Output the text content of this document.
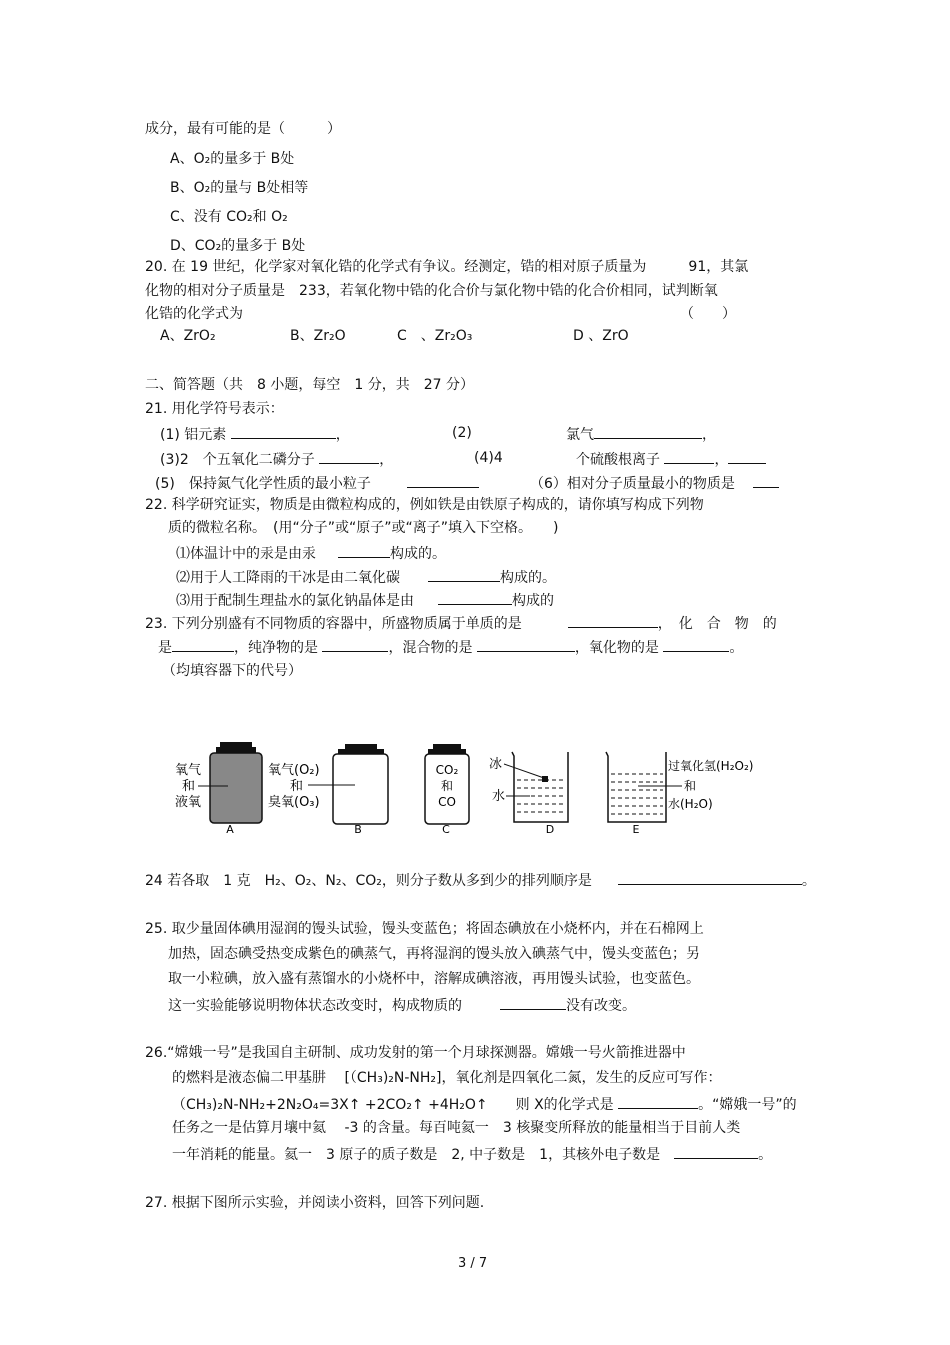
成分，最有可能的是（　　　）
A、O₂的量多于 B处
B、O₂的量与 B处相等
C、没有 CO₂和 O₂
D、CO₂的量多于 B处
20. 在 19 世纪，化学家对氧化锆的化学式有争议。经测定，锆的相对原子质量为　　　91，其氯
化物的相对分子质量是　233，若氧化物中锆的化合价与氯化物中锆的化合价相同，试判断氧
化锆的化学式为	（　　）
A、ZrO₂	B、Zr₂O	C　、Zr₂O₃	D 、ZrO
二、简答题（共　8 小题，每空　1 分，共　27 分）
21. 用化学符号表示：
(1) 铝元素	，	(2)	氯气	，
(3)2　个五氧化二磷分子	，	(4)4	个硫酸根离子	，
(5)　保持氮气化学性质的最小粒子	（6）相对分子质量最小的物质是
22. 科学研究证实，物质是由微粒构成的，例如铁是由铁原子构成的，请你填写构成下列物
质的微粒名称。　(用“分子”或“原子”或“离子”填入下空格。　　)
⑴体温计中的汞是由汞	构成的。
⑵用于人工降雨的干冰是由二氧化碳	构成的。
⑶用于配制生理盐水的氯化钠晶体是由	构成的
23. 下列分别盛有不同物质的容器中，所盛物质属于单质的是	，　化　合　物　的
是	，纯净物的是	，混合物的是	，氧化物的是	。
（均填容器下的代号）
氧气
和
液氧
A
氧气(O₂)
和
臭氧(O₃)
B
CO₂
和
CO
C
冰
水
D
过氧化氢(H₂O₂)
和
水(H₂O)
E
24 若各取　1 克　H₂、O₂、N₂、CO₂，则分子数从多到少的排列顺序是	。
25. 取少量固体碘用湿润的馒头试验，馒头变蓝色；将固态碘放在小烧杯内，并在石棉网上
加热，固态碘受热变成紫色的碘蒸气，再将湿润的馒头放入碘蒸气中，馒头变蓝色；另
取一小粒碘，放入盛有蒸馏水的小烧杯中，溶解成碘溶液，再用馒头试验，也变蓝色。
这一实验能够说明物体状态改变时，构成物质的	没有改变。
26.“嫦娥一号”是我国自主研制、成功发射的第一个月球探测器。嫦娥一号火箭推进器中
的燃料是液态偏二甲基肼　 [（CH₃)₂N-NH₂]，氧化剂是四氧化二氮，发生的反应可写作：
（CH₃)₂N-NH₂+2N₂O₄=3X↑ +2CO₂↑ +4H₂O↑　　则 X的化学式是	。“嫦娥一号”的
任务之一是估算月壤中氦　 -3 的含量。每百吨氦一　3 核聚变所释放的能量相当于目前人类
一年消耗的能量。氦一　3 原子的质子数是　2, 中子数是　1，其核外电子数是	。
27. 根据下图所示实验，并阅读小资料，回答下列问题.
3 / 7
